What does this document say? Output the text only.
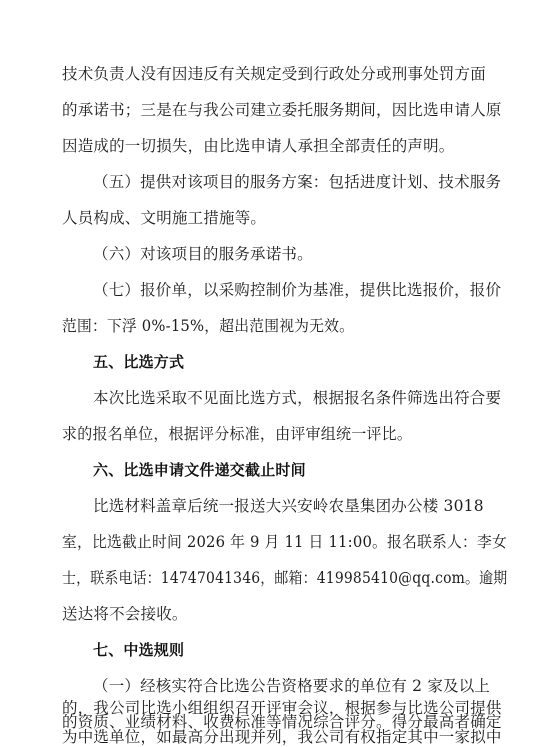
技术负责人没有因违反有关规定受到行政处分或刑事处罚方面
的承诺书；三是在与我公司建立委托服务期间，因比选申请人原
因造成的一切损失，由比选申请人承担全部责任的声明。
（五）提供对该项目的服务方案：包括进度计划、技术服务
人员构成、文明施工措施等。
（六）对该项目的服务承诺书。
（七）报价单，以采购控制价为基准，提供比选报价，报价
范围：下浮 0%-15%，超出范围视为无效。
五、比选方式
本次比选采取不见面比选方式，根据报名条件筛选出符合要
求的报名单位，根据评分标准，由评审组统一评比。
六、比选申请文件递交截止时间
比选材料盖章后统一报送大兴安岭农垦集团办公楼 3018
室，比选截止时间 2026 年 9 月 11 日 11:00。报名联系人：李女
士，联系电话：14747041346，邮箱：419985410@qq.com。逾期
送达将不会接收。
七、中选规则
（一）经核实符合比选公告资格要求的单位有 2 家及以上
的，我公司比选小组组织召开评审会议，根据参与比选公司提供
的资质、业绩材料、收费标准等情况综合评分。得分最高者确定
为中选单位，如最高分出现并列，我公司有权指定其中一家拟中
